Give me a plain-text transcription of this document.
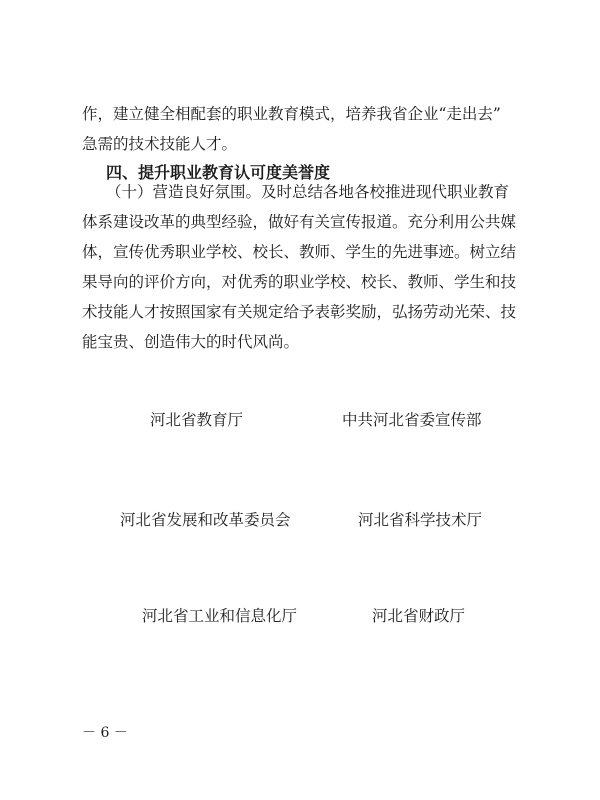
作，建立健全相配套的职业教育模式，培养我省企业“走出去”
急需的技术技能人才。
四、提升职业教育认可度美誉度
（十）营造良好氛围。及时总结各地各校推进现代职业教育
体系建设改革的典型经验，做好有关宣传报道。充分利用公共媒
体，宣传优秀职业学校、校长、教师、学生的先进事迹。树立结
果导向的评价方向，对优秀的职业学校、校长、教师、学生和技
术技能人才按照国家有关规定给予表彰奖励，弘扬劳动光荣、技
能宝贵、创造伟大的时代风尚。
河北省教育厅	中共河北省委宣传部
河北省发展和改革委员会	河北省科学技术厅
河北省工业和信息化厅	河北省财政厅
－ 6 －
